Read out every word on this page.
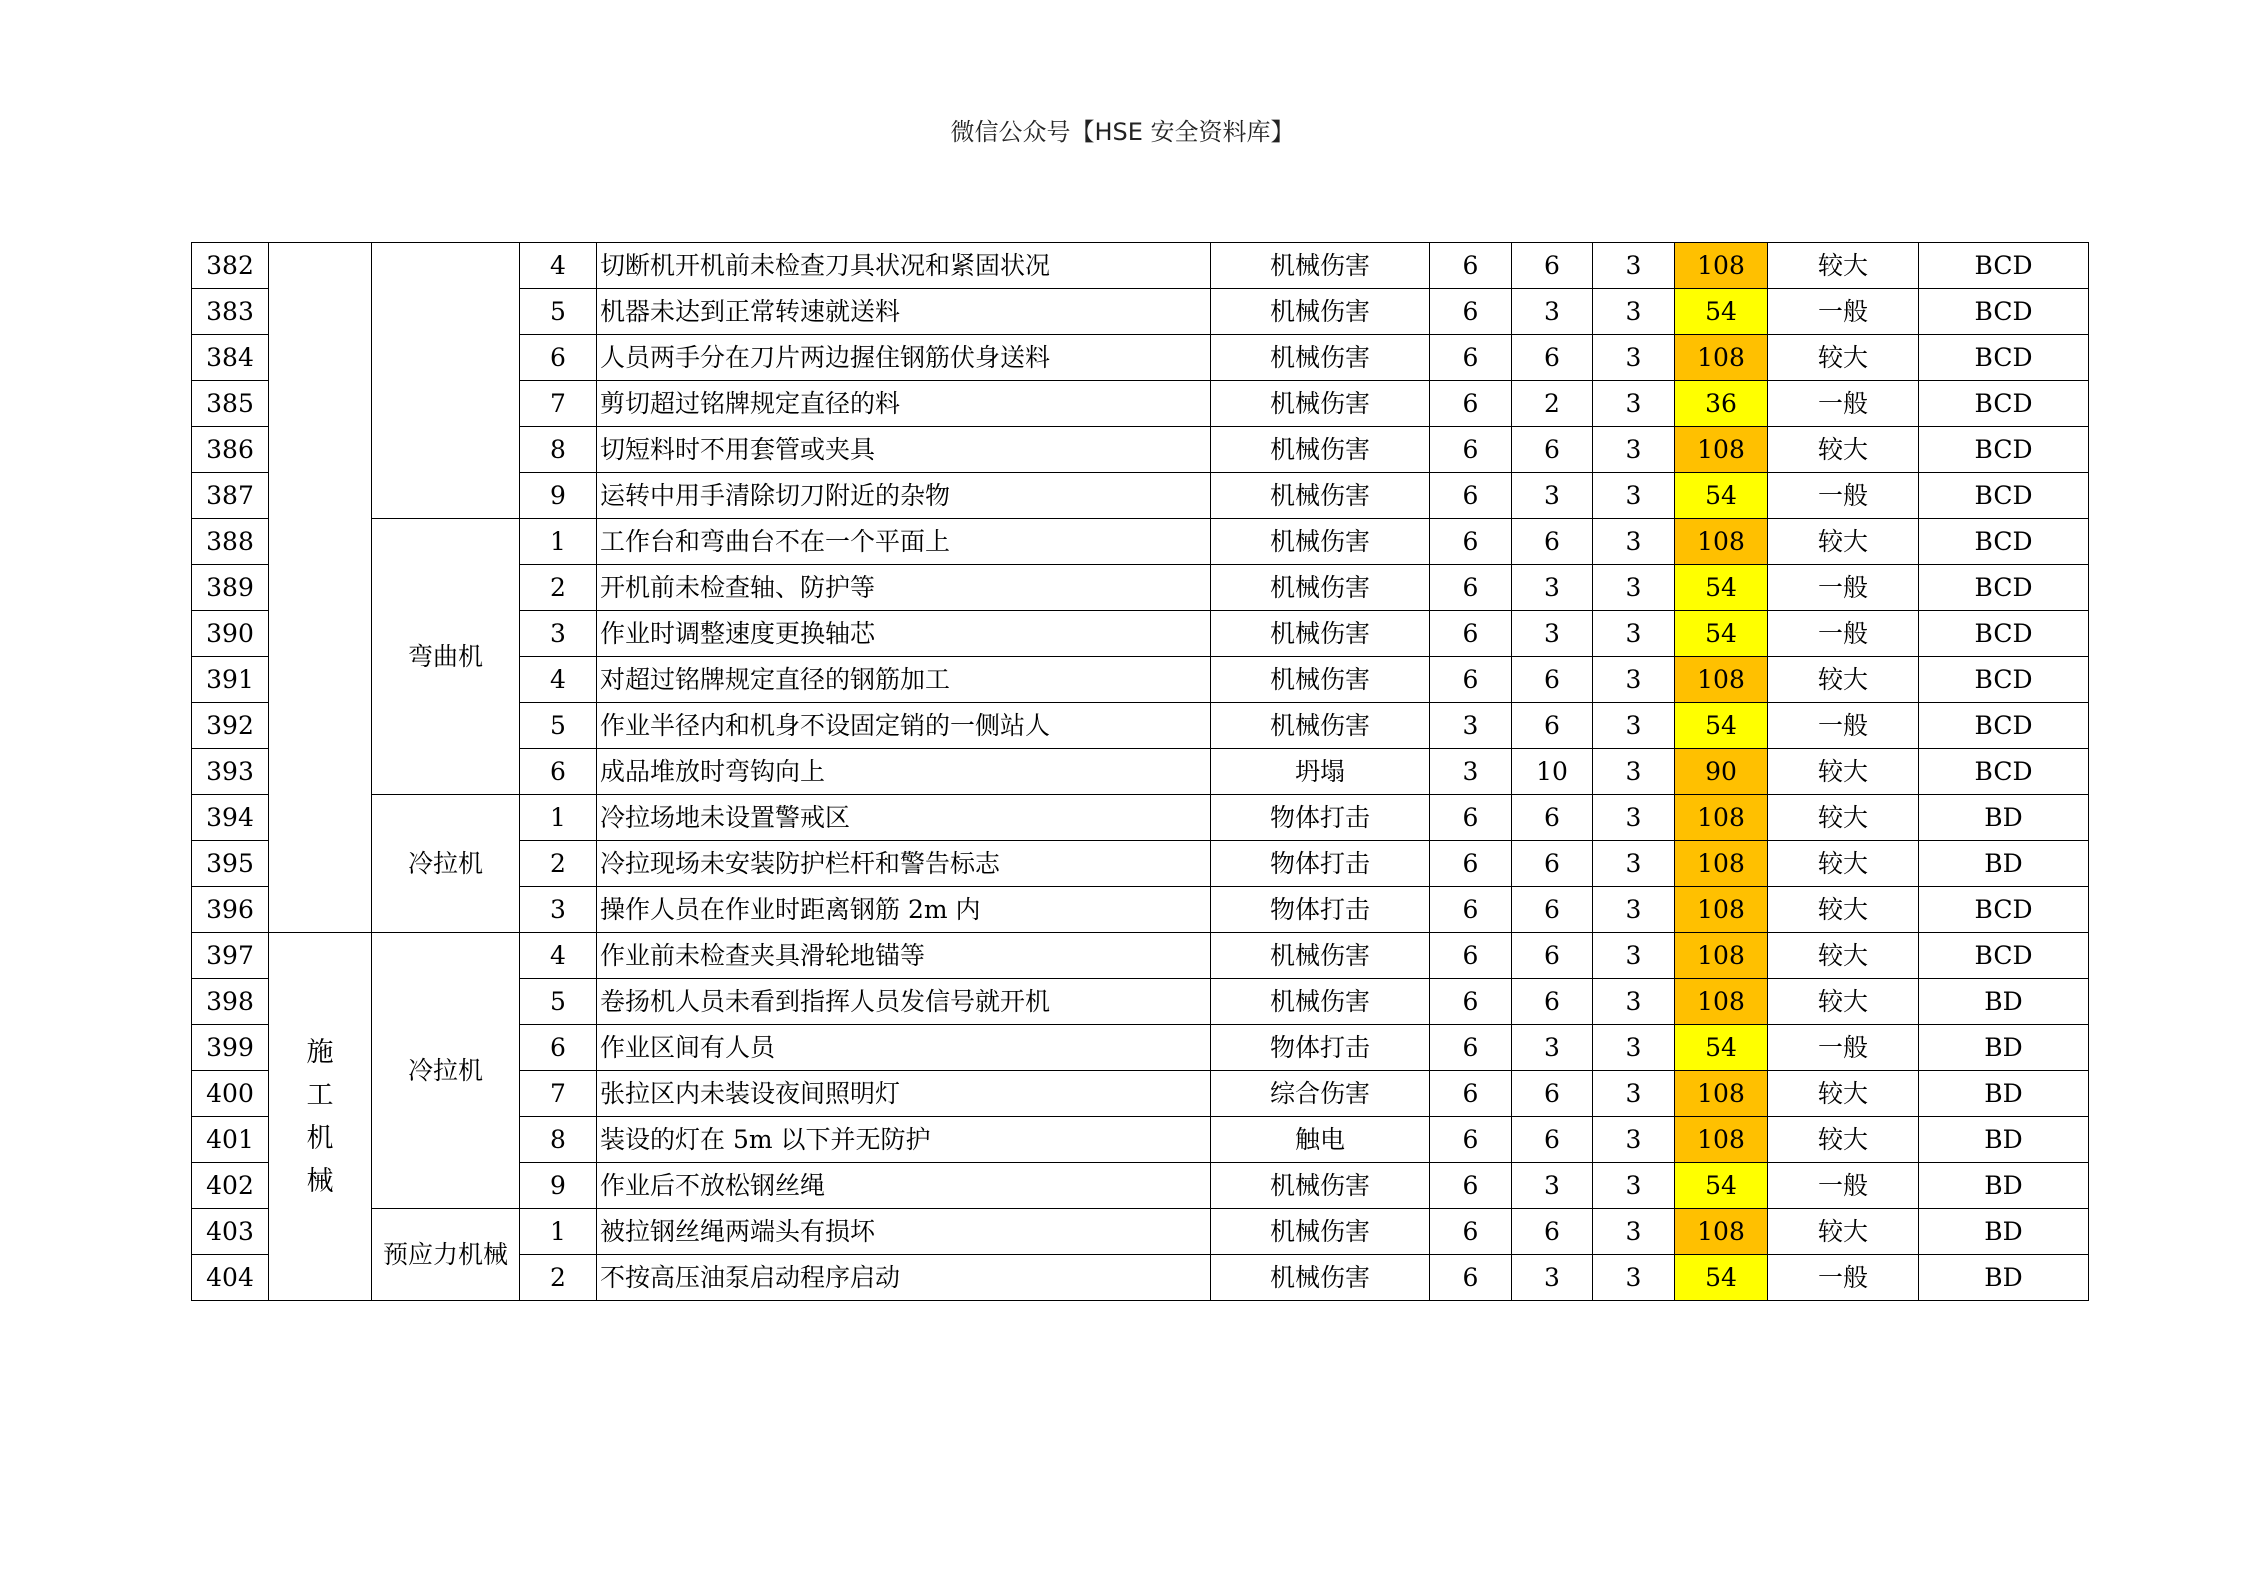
微信公众号【HSE 安全资料库】
382			4	切断机开机前未检查刀具状况和紧固状况	机械伤害	6	6	3	108	较大	BCD
383			5	机器未达到正常转速就送料	机械伤害	6	3	3	54	一般	BCD
384			6	人员两手分在刀片两边握住钢筋伏身送料	机械伤害	6	6	3	108	较大	BCD
385			7	剪切超过铭牌规定直径的料	机械伤害	6	2	3	36	一般	BCD
386			8	切短料时不用套管或夹具	机械伤害	6	6	3	108	较大	BCD
387			9	运转中用手清除切刀附近的杂物	机械伤害	6	3	3	54	一般	BCD
388		弯曲机	1	工作台和弯曲台不在一个平面上	机械伤害	6	6	3	108	较大	BCD
389			2	开机前未检查轴、防护等	机械伤害	6	3	3	54	一般	BCD
390			3	作业时调整速度更换轴芯	机械伤害	6	3	3	54	一般	BCD
391			4	对超过铭牌规定直径的钢筋加工	机械伤害	6	6	3	108	较大	BCD
392			5	作业半径内和机身不设固定销的一侧站人	机械伤害	3	6	3	54	一般	BCD
393			6	成品堆放时弯钩向上	坍塌	3	10	3	90	较大	BCD
394		冷拉机	1	冷拉场地未设置警戒区	物体打击	6	6	3	108	较大	BD
395			2	冷拉现场未安装防护栏杆和警告标志	物体打击	6	6	3	108	较大	BD
396			3	操作人员在作业时距离钢筋 2m 内	物体打击	6	6	3	108	较大	BCD
397	施工机械	冷拉机	4	作业前未检查夹具滑轮地锚等	机械伤害	6	6	3	108	较大	BCD
398			5	卷扬机人员未看到指挥人员发信号就开机	机械伤害	6	6	3	108	较大	BD
399			6	作业区间有人员	物体打击	6	3	3	54	一般	BD
400			7	张拉区内未装设夜间照明灯	综合伤害	6	6	3	108	较大	BD
401			8	装设的灯在 5m 以下并无防护	触电	6	6	3	108	较大	BD
402			9	作业后不放松钢丝绳	机械伤害	6	3	3	54	一般	BD
403		预应力机械	1	被拉钢丝绳两端头有损坏	机械伤害	6	6	3	108	较大	BD
404			2	不按高压油泵启动程序启动	机械伤害	6	3	3	54	一般	BD
